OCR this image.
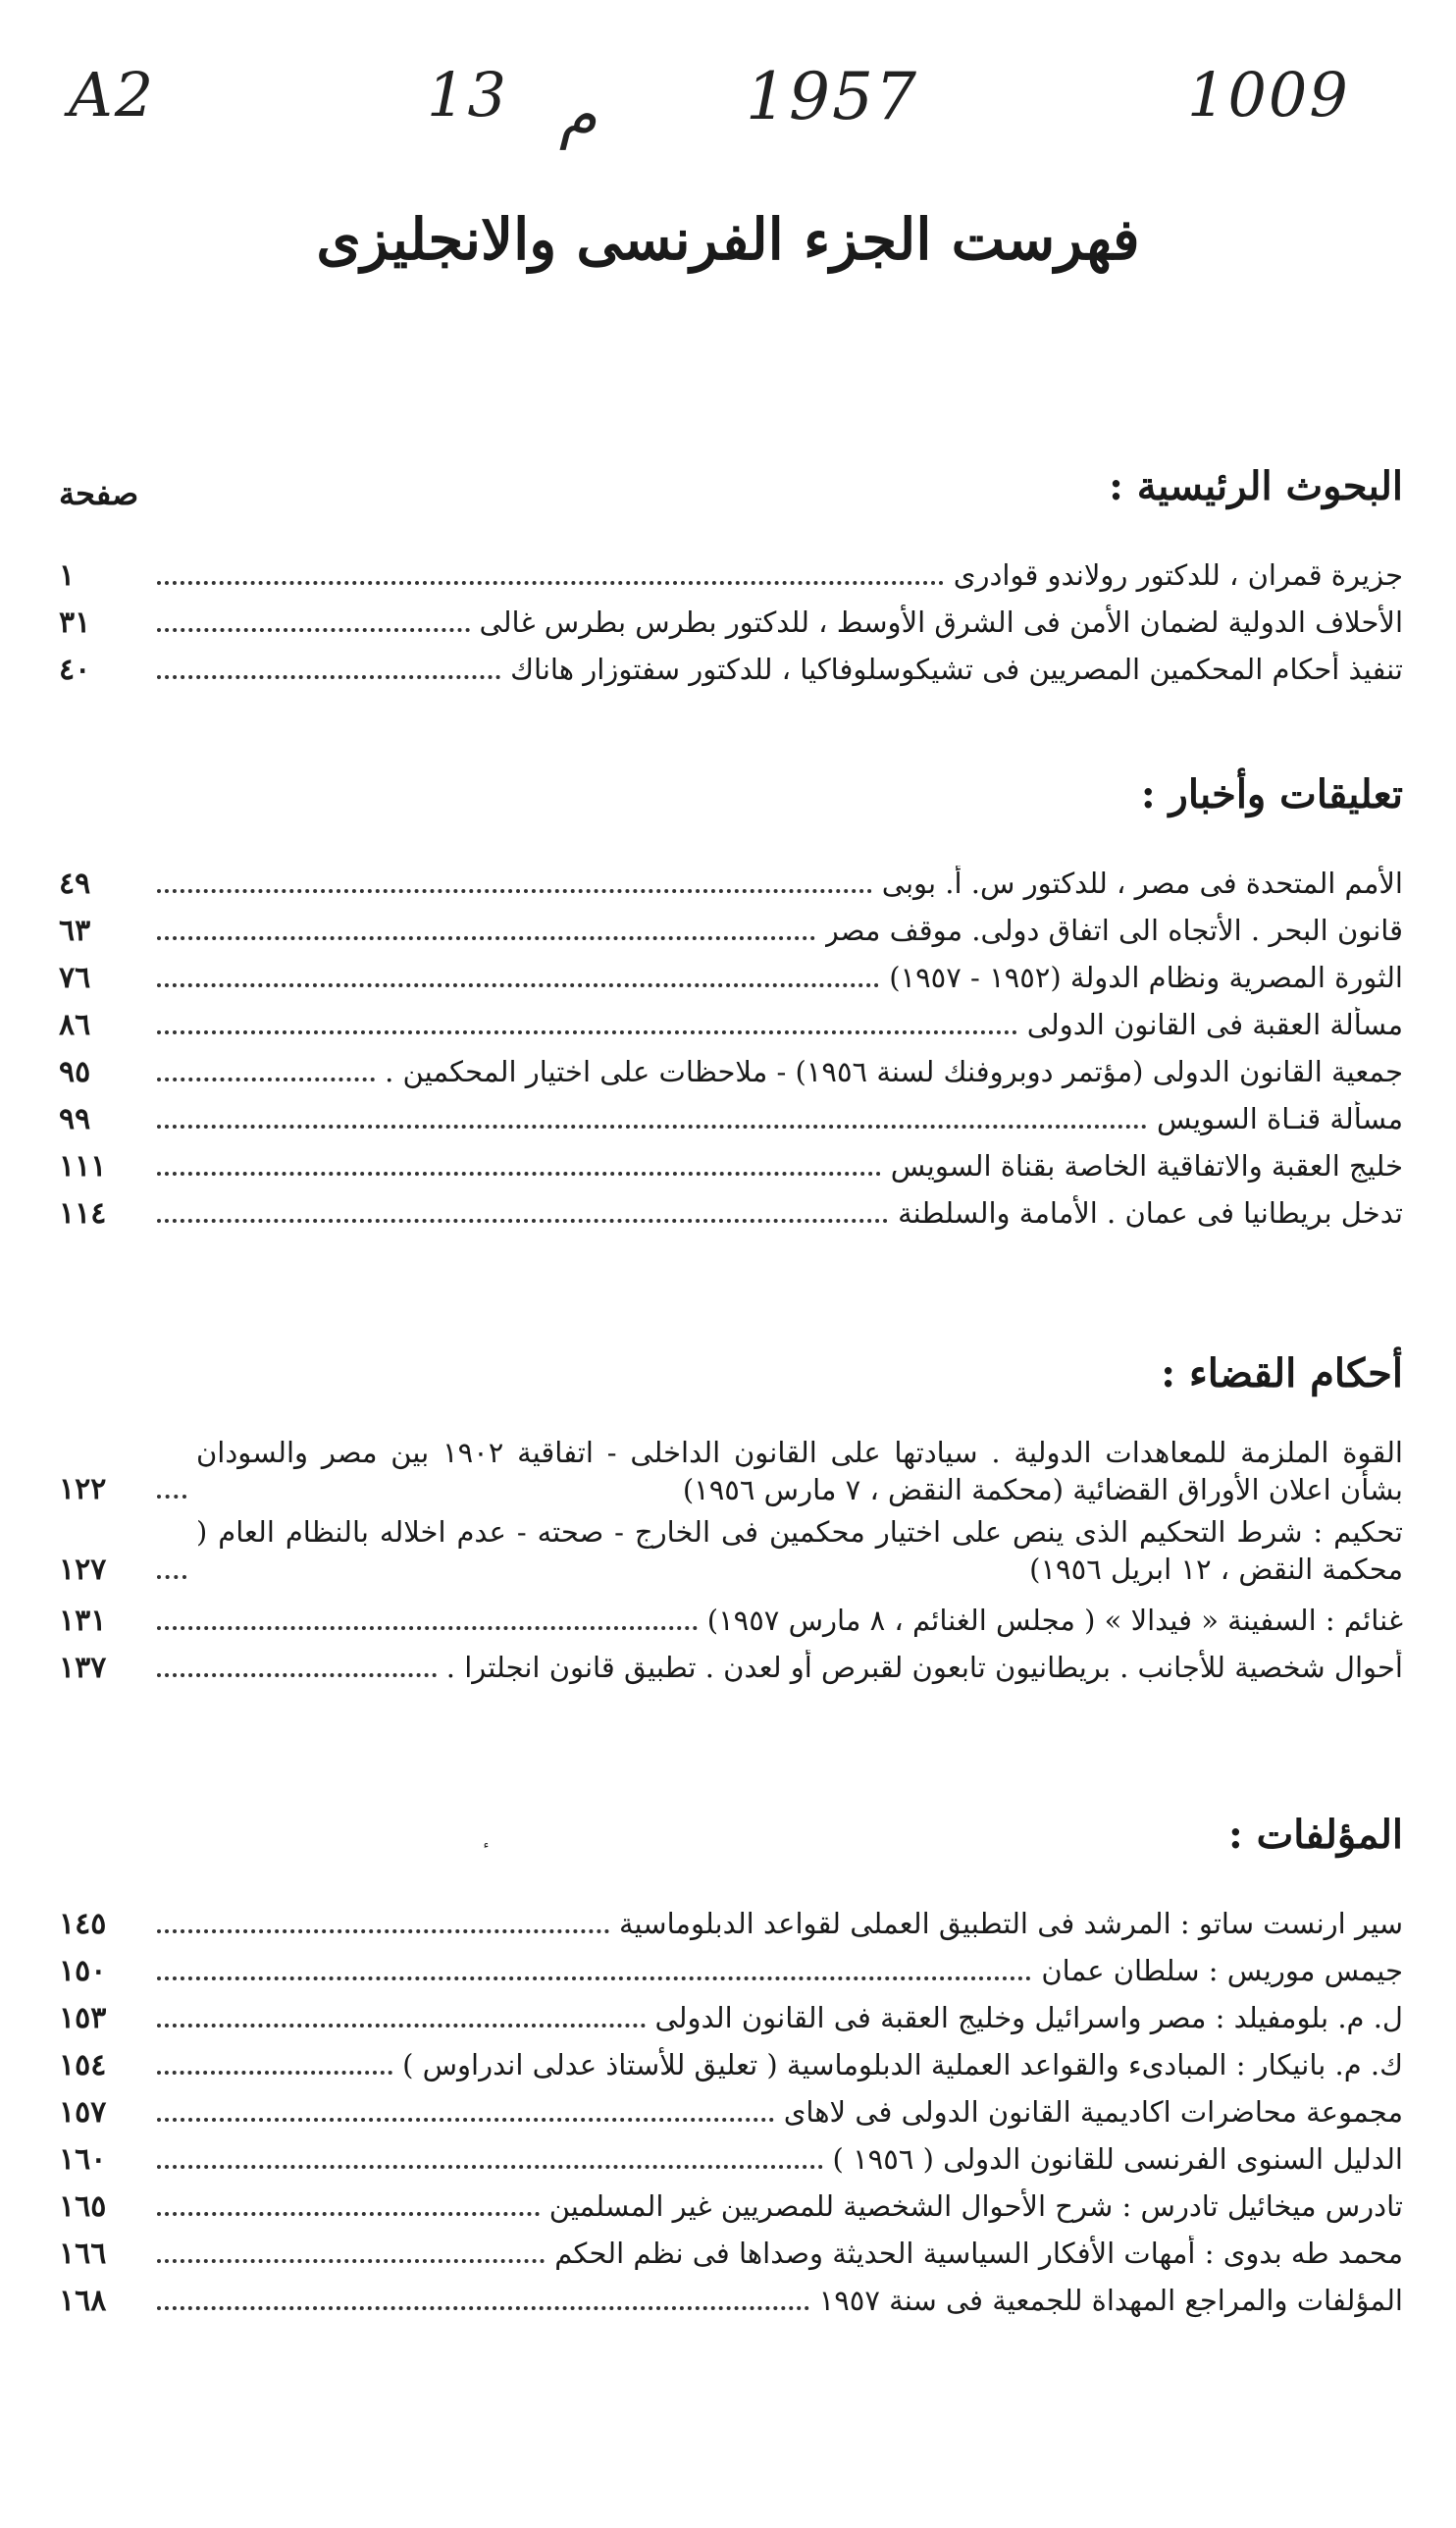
A2	13 م 1957	1009
فهرست الجزء الفرنسى والانجليزى
البحوث الرئيسية :
صفحة
جزيرة قمران ، للدكتور رولاندو قوادرى
١
الأحلاف الدولية لضمان الأمن فى الشرق الأوسط ، للدكتور بطرس بطرس غالى
٣١
تنفيذ أحكام المحكمين المصريين فى تشيكوسلوفاكيا ، للدكتور سفتوزار هاناك
٤٠
تعليقات وأخبار :
الأمم المتحدة فى مصر ، للدكتور س. أ. بوبى
٤٩
قانون البحر . الأتجاه الى اتفاق دولى. موقف مصر
٦٣
الثورة المصرية ونظام الدولة (١٩٥٢ - ١٩٥٧)
٧٦
مسألة العقبة فى القانون الدولى
٨٦
جمعية القانون الدولى (مؤتمر دوبروفنك لسنة ١٩٥٦) - ملاحظات على اختيار المحكمين .
٩٥
مسألة قنـاة السويس
٩٩
خليج العقبة والاتفاقية الخاصة بقناة السويس
١١١
تدخل بريطانيا فى عمان . الأمامة والسلطنة
١١٤
أحكام القضاء :
القوة الملزمة للمعاهدات الدولية . سيادتها على القانون الداخلى - اتفاقية ١٩٠٢ بين مصر والسودان بشأن اعلان الأوراق القضائية (محكمة النقض ، ٧ مارس ١٩٥٦)
١٢٢
تحكيم : شرط التحكيم الذى ينص على اختيار محكمين فى الخارج - صحته - عدم اخلاله بالنظام العام ( محكمة النقض ، ١٢ ابريل ١٩٥٦)
١٢٧
غنائم : السفينة « فيدالا » ( مجلس الغنائم ، ٨ مارس ١٩٥٧)
١٣١
أحوال شخصية للأجانب . بريطانيون تابعون لقبرص أو لعدن . تطبيق قانون انجلترا .
١٣٧
المؤلفات :
سير ارنست ساتو : المرشد فى التطبيق العملى لقواعد الدبلوماسية
١٤٥
جيمس موريس : سلطان عمان
١٥٠
ل. م. بلومفيلد : مصر واسرائيل وخليج العقبة فى القانون الدولى
١٥٣
ك. م. بانيكار : المبادىء والقواعد العملية الدبلوماسية ( تعليق للأستاذ عدلى اندراوس )
١٥٤
مجموعة محاضرات اكاديمية القانون الدولى فى لاهاى
١٥٧
الدليل السنوى الفرنسى للقانون الدولى ( ١٩٥٦ )
١٦٠
تادرس ميخائيل تادرس : شرح الأحوال الشخصية للمصريين غير المسلمين
١٦٥
محمد طه بدوى : أمهات الأفكار السياسية الحديثة وصداها فى نظم الحكم
١٦٦
المؤلفات والمراجع المهداة للجمعية فى سنة ١٩٥٧
١٦٨
